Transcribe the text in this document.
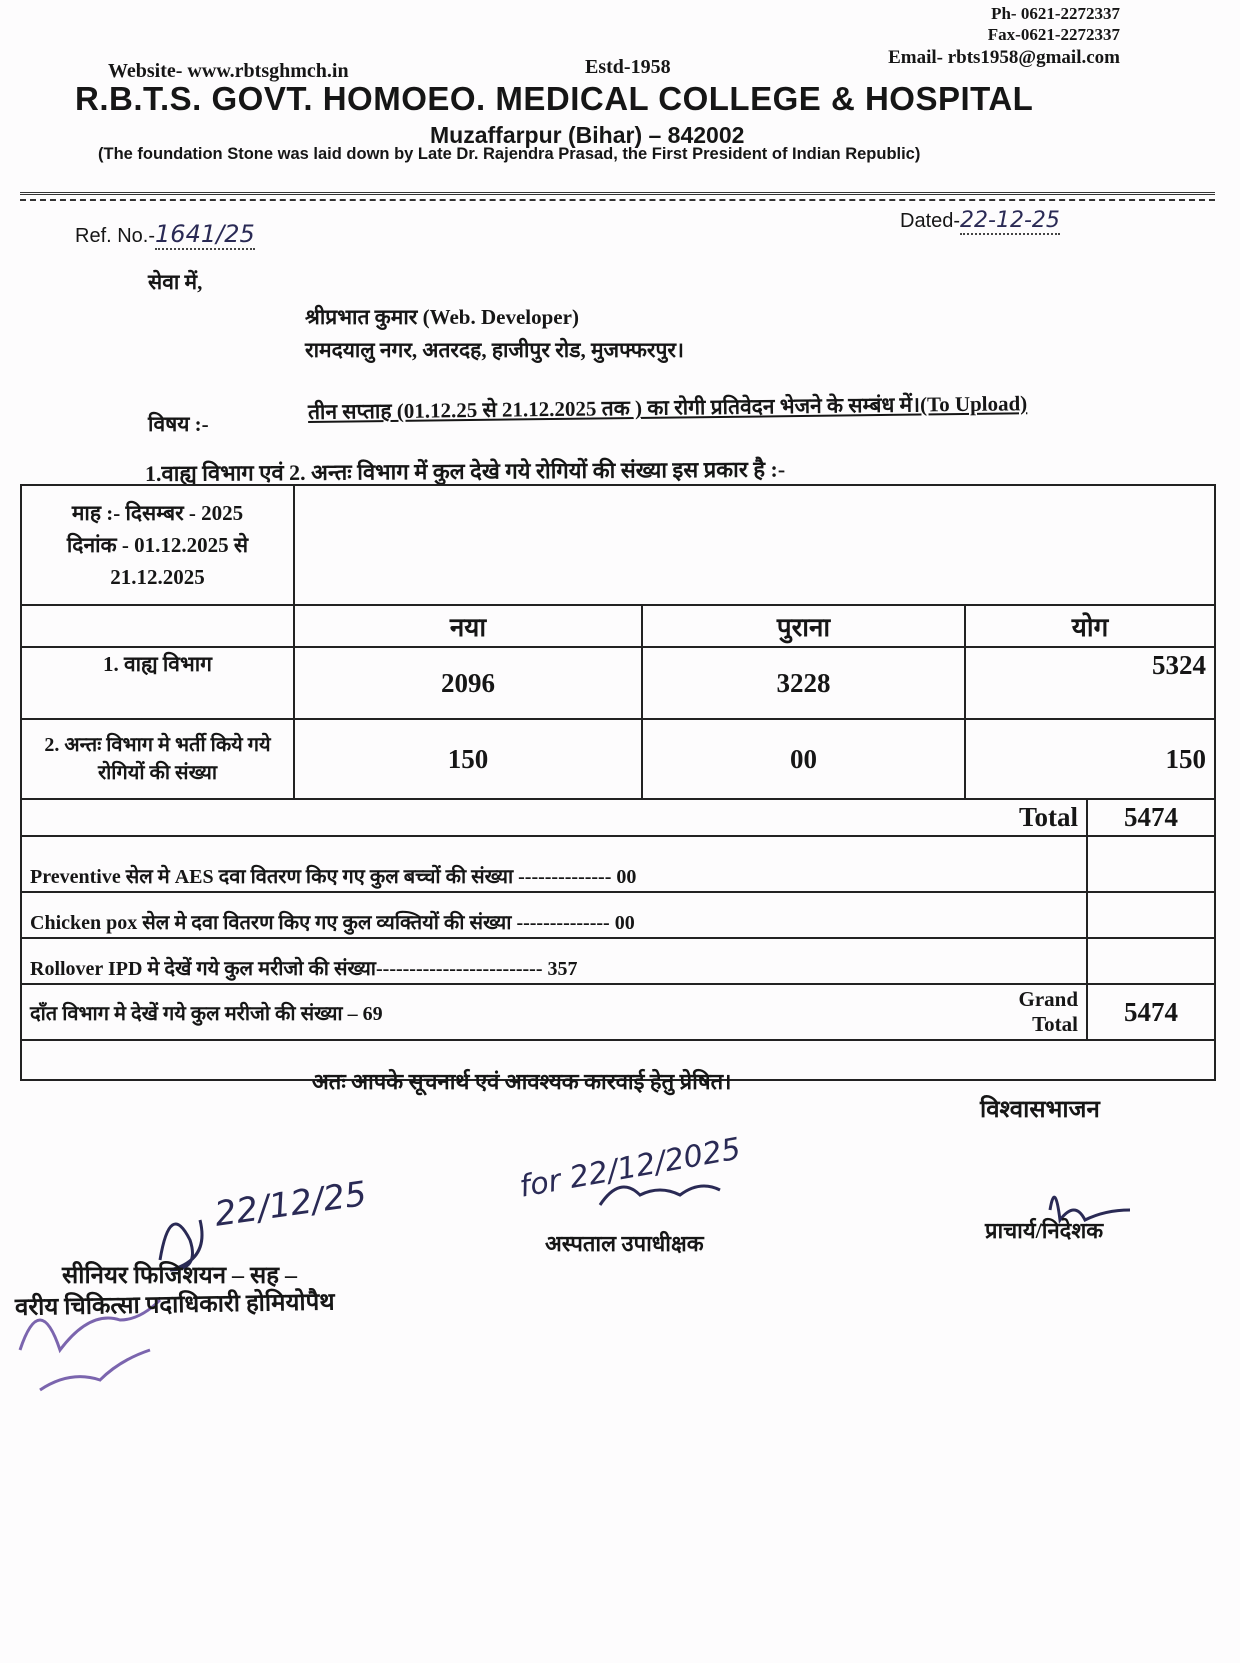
Ph- 0621-2272337
Fax-0621-2272337
Email- rbts1958@gmail.com
Website- www.rbtsghmch.in	Estd-1958
R.B.T.S. GOVT. HOMOEO. MEDICAL COLLEGE & HOSPITAL
Muzaffarpur (Bihar) – 842002
(The foundation Stone was laid down by Late Dr. Rajendra Prasad, the First President of Indian Republic)
Ref. No.-1641/25	Dated-22-12-25
सेवा में,
श्रीप्रभात कुमार (Web. Developer)
रामदयालु नगर, अतरदह, हाजीपुर रोड, मुजफ्फरपुर।
विषय :-
तीन सप्ताह (01.12.25 से 21.12.2025 तक ) का रोगी प्रतिवेदन भेजने के सम्बंध में।(To Upload)
1.वाह्य विभाग एवं 2. अन्तः विभाग में कुल देखे गये रोगियों की संख्या इस प्रकार है :-
माह :- दिसम्बर - 2025
दिनांक - 01.12.2025 से
21.12.2025				

	नया	पुराना	योग	
1. वाह्य विभाग	2096	3228	5324	
2. अन्तः विभाग मे भर्ती किये गये रोगियों की संख्या	150	00	150	
			Total	5474
Preventive सेल मे AES दवा वितरण किए गए कुल बच्चों की संख्या -------------- 00				
Chicken pox सेल मे दवा वितरण किए गए कुल व्यक्तियों की संख्या -------------- 00				
Rollover IPD मे देखें गये कुल मरीजो की संख्या------------------------- 357				
दाँत विभाग मे देखें गये कुल मरीजो की संख्या – 69			Grand Total	5474

अतः आपके सूचनार्थ एवं आवश्यक कारवाई हेतु प्रेषित।
विश्वासभाजन
22/12/25	for 22/12/2025
सीनियर फिजिशयन – सह –
वरीय चिकित्सा पदाधिकारी होमियोपैथ
अस्पताल उपाधीक्षक
प्राचार्य/निदेशक
